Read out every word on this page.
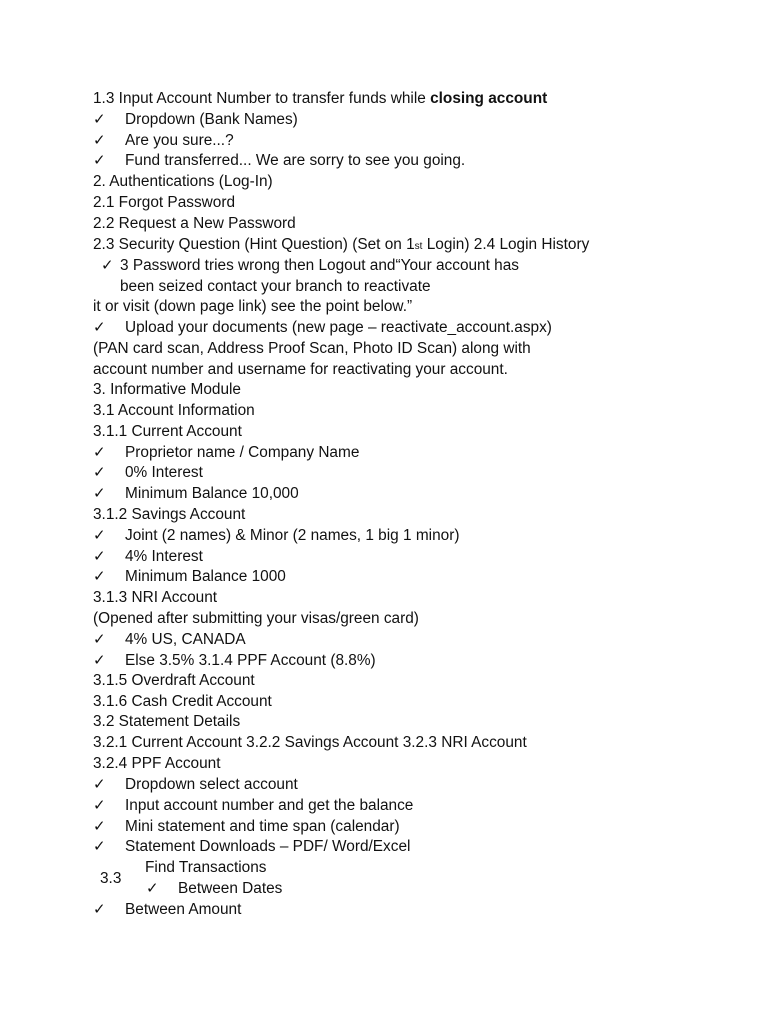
1.3 Input Account Number to transfer funds while closing account
✓	Dropdown (Bank Names)
✓	Are you sure...?
✓	Fund transferred... We are sorry to see you going.
2. Authentications (Log-In)
2.1 Forgot Password
2.2 Request a New Password
2.3 Security Question (Hint Question) (Set on 1st Login) 2.4 Login History
✓ 3 Password tries wrong then Logout and“Your account has
been seized contact your branch to reactivate
it or visit (down page link) see the point below.”
✓	Upload your documents (new page – reactivate_account.aspx)
(PAN card scan, Address Proof Scan, Photo ID Scan) along with
account number and username for reactivating your account.
3. Informative Module
3.1 Account Information
3.1.1 Current Account
✓	Proprietor name / Company Name
✓	0% Interest
✓	Minimum Balance 10,000
3.1.2 Savings Account
✓	Joint (2 names) & Minor (2 names, 1 big 1 minor)
✓	4% Interest
✓	Minimum Balance 1000
3.1.3 NRI Account
(Opened after submitting your visas/green card)
✓	4% US, CANADA
✓	Else 3.5% 3.1.4 PPF Account (8.8%)
3.1.5 Overdraft Account
3.1.6 Cash Credit Account
3.2 Statement Details
3.2.1 Current Account 3.2.2 Savings Account 3.2.3 NRI Account
3.2.4 PPF Account
✓	Dropdown select account
✓	Input account number and get the balance
✓	Mini statement and time span (calendar)
✓	Statement Downloads – PDF/ Word/Excel
Find Transactions
3.3
✓	Between Dates
✓	Between Amount
